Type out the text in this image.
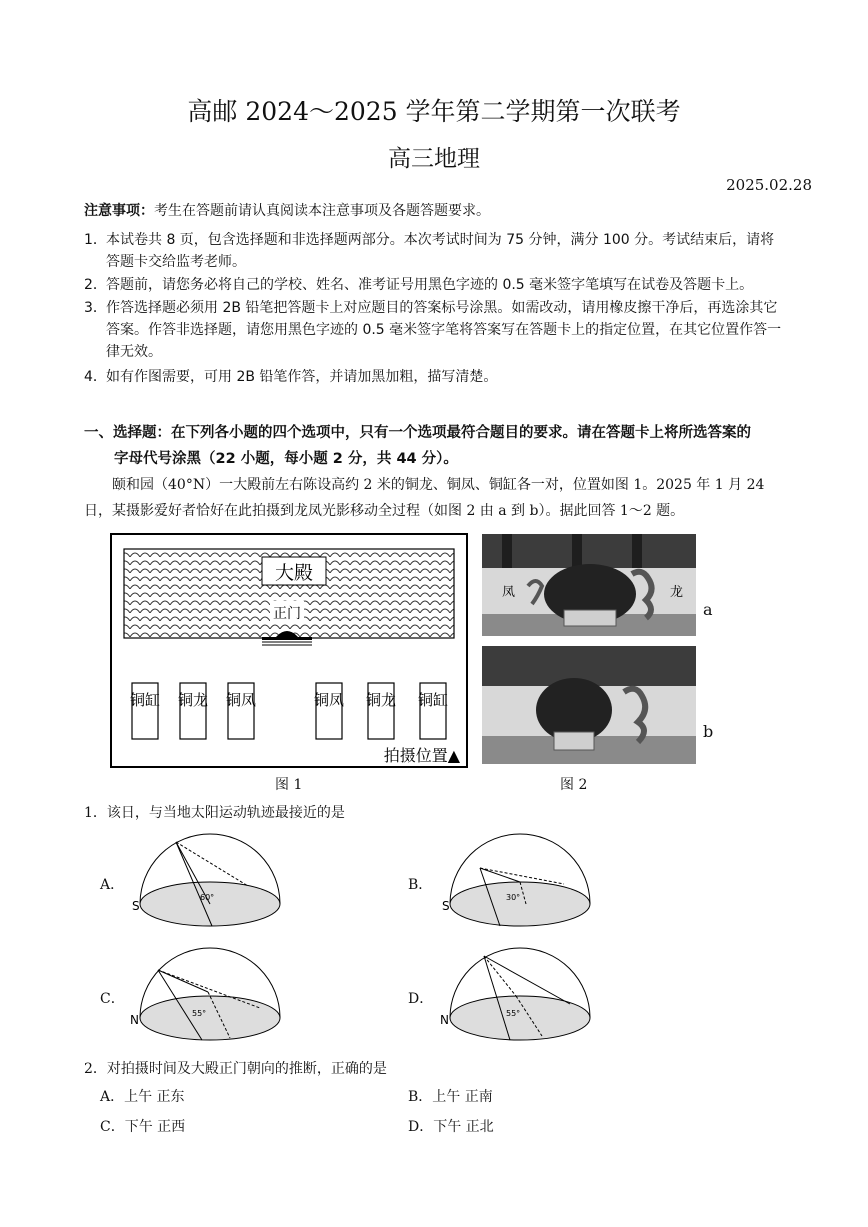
高邮 2024～2025 学年第二学期第一次联考
高三地理
2025.02.28
注意事项：考生在答题前请认真阅读本注意事项及各题答题要求。
1． 本试卷共 8 页，包含选择题和非选择题两部分。本次考试时间为 75 分钟，满分 100 分。考试结束后，请将答题卡交给监考老师。
2． 答题前，请您务必将自己的学校、姓名、准考证号用黑色字迹的 0.5 毫米签字笔填写在试卷及答题卡上。
3． 作答选择题必须用 2B 铅笔把答题卡上对应题目的答案标号涂黑。如需改动，请用橡皮擦干净后，再选涂其它答案。作答非选择题，请您用黑色字迹的 0.5 毫米签字笔将答案写在答题卡上的指定位置，在其它位置作答一律无效。
4． 如有作图需要，可用 2B 铅笔作答，并请加黑加粗，描写清楚。
一、选择题：在下列各小题的四个选项中，只有一个选项最符合题目的要求。请在答题卡上将所选答案的
字母代号涂黑（22 小题，每小题 2 分，共 44 分）。
颐和园（40°N）一大殿前左右陈设高约 2 米的铜龙、铜凤、铜缸各一对，位置如图 1。2025 年 1 月 24 日，某摄影爱好者恰好在此拍摄到龙凤光影移动全过程（如图 2 由 a 到 b）。据此回答 1～2 题。
大殿
正门
铜缸 铜龙 铜凤	铜凤 铜龙 铜缸
拍摄位置▲
图 1
凤	龙
a
b
图 2
1．该日，与当地太阳运动轨迹最接近的是
A．
60°
S
B．
30°
S
C．
55°
N
D．
55°
N
2．对拍摄时间及大殿正门朝向的推断，正确的是
A．上午 正东	B．上午 正南
C．下午 正西	D．下午 正北
